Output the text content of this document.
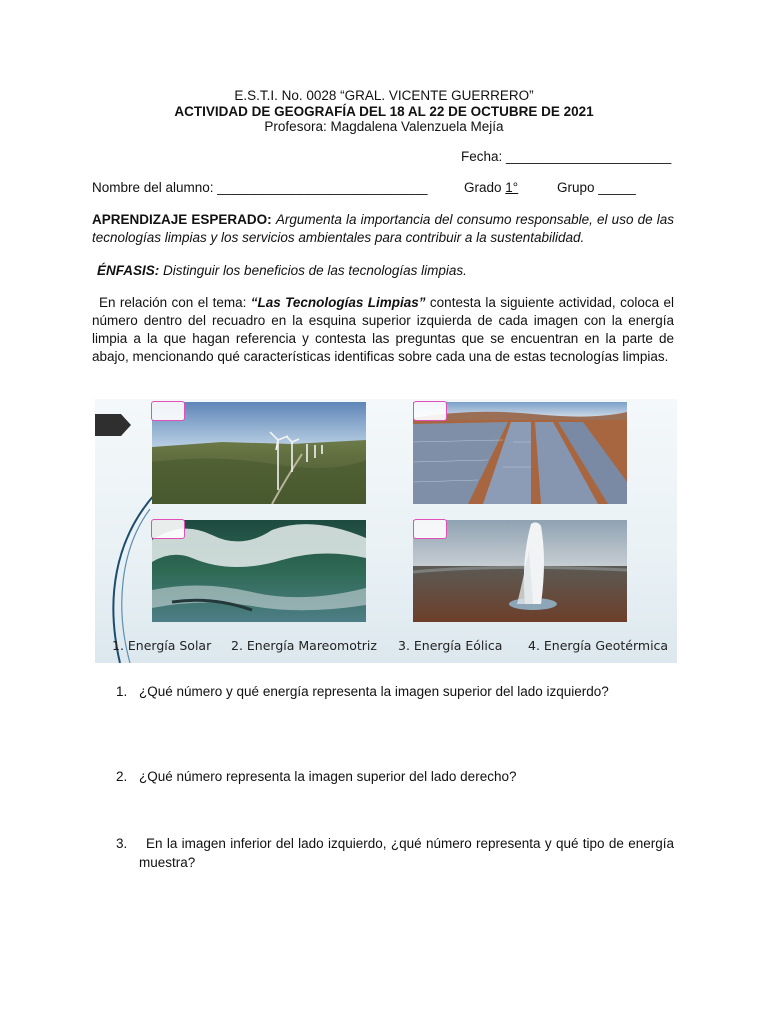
E.S.T.I. No. 0028 “GRAL. VICENTE GUERRERO”
ACTIVIDAD DE GEOGRAFÍA DEL 18 AL 22 DE OCTUBRE DE 2021
Profesora: Magdalena Valenzuela Mejía
Fecha: ______________________
Nombre del alumno: ____________________________	Grado 1°	Grupo _____
APRENDIZAJE ESPERADO: Argumenta la importancia del consumo responsable, el uso de las tecnologías limpias y los servicios ambientales para contribuir a la sustentabilidad.
ÉNFASIS: Distinguir los beneficios de las tecnologías limpias.
En relación con el tema: “Las Tecnologías Limpias” contesta la siguiente actividad, coloca el número dentro del recuadro en la esquina superior izquierda de cada imagen con la energía limpia a la que hagan referencia y contesta las preguntas que se encuentran en la parte de abajo, mencionando qué características identificas sobre cada una de estas tecnologías limpias.
1. Energía Solar 2. Energía Mareomotriz 3. Energía Eólica 4. Energía Geotérmica
1. ¿Qué número y qué energía representa la imagen superior del lado izquierdo?
2. ¿Qué número representa la imagen superior del lado derecho?
3.	En la imagen inferior del lado izquierdo, ¿qué número representa y qué tipo de energía muestra?
